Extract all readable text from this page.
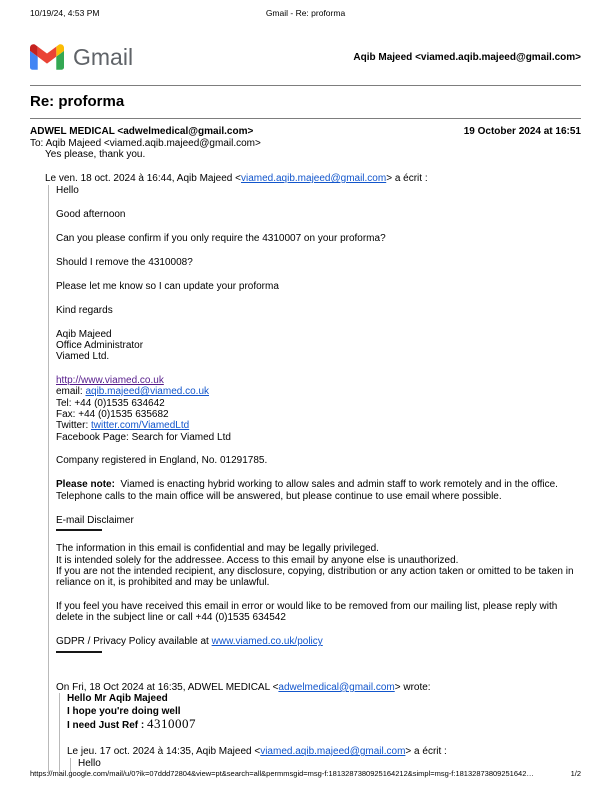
10/19/24, 4:53 PM	Gmail - Re: proforma
Gmail	Aqib Majeed <viamed.aqib.majeed@gmail.com>
Re: proforma
ADWEL MEDICAL <adwelmedical@gmail.com>	19 October 2024 at 16:51
To: Aqib Majeed <viamed.aqib.majeed@gmail.com>

Yes please, thank you.

Le ven. 18 oct. 2024 à 16:44, Aqib Majeed <viamed.aqib.majeed@gmail.com> a écrit :

Hello

Good afternoon

Can you please confirm if you only require the 4310007 on your proforma?

Should I remove the 4310008?

Please let me know so I can update your proforma

Kind regards

Aqib Majeed

Office Administrator

Viamed Ltd.

http://www.viamed.co.uk

email: aqib.majeed@viamed.co.uk

Tel: +44 (0)1535 634642

Fax: +44 (0)1535 635682

Twitter: twitter.com/ViamedLtd

Facebook Page: Search for Viamed Ltd

Company registered in England, No. 01291785.

Please note:  Viamed is enacting hybrid working to allow sales and admin staff to work remotely and in the office. Telephone calls to the main office will be answered, but please continue to use email where possible.

E-mail Disclaimer

The information in this email is confidential and may be legally privileged.

It is intended solely for the addressee. Access to this email by anyone else is unauthorized.

If you are not the intended recipient, any disclosure, copying, distribution or any action taken or omitted to be taken in reliance on it, is prohibited and may be unlawful.

If you feel you have received this email in error or would like to be removed from our mailing list, please reply with delete in the subject line or call +44 (0)1535 634542

GDPR / Privacy Policy available at www.viamed.co.uk/policy

On Fri, 18 Oct 2024 at 16:35, ADWEL MEDICAL <adwelmedical@gmail.com> wrote:

Hello Mr Aqib Majeed

I hope you're doing well

I need Just Ref : 4310007

Le jeu. 17 oct. 2024 à 14:35, Aqib Majeed <viamed.aqib.majeed@gmail.com> a écrit :

Hello

https://mail.google.com/mail/u/0?ik=07ddd72804&view=pt&search=all&permmsgid=msg-f:1813287380925164212&simpl=msg-f:18132873809251642…	1/2
